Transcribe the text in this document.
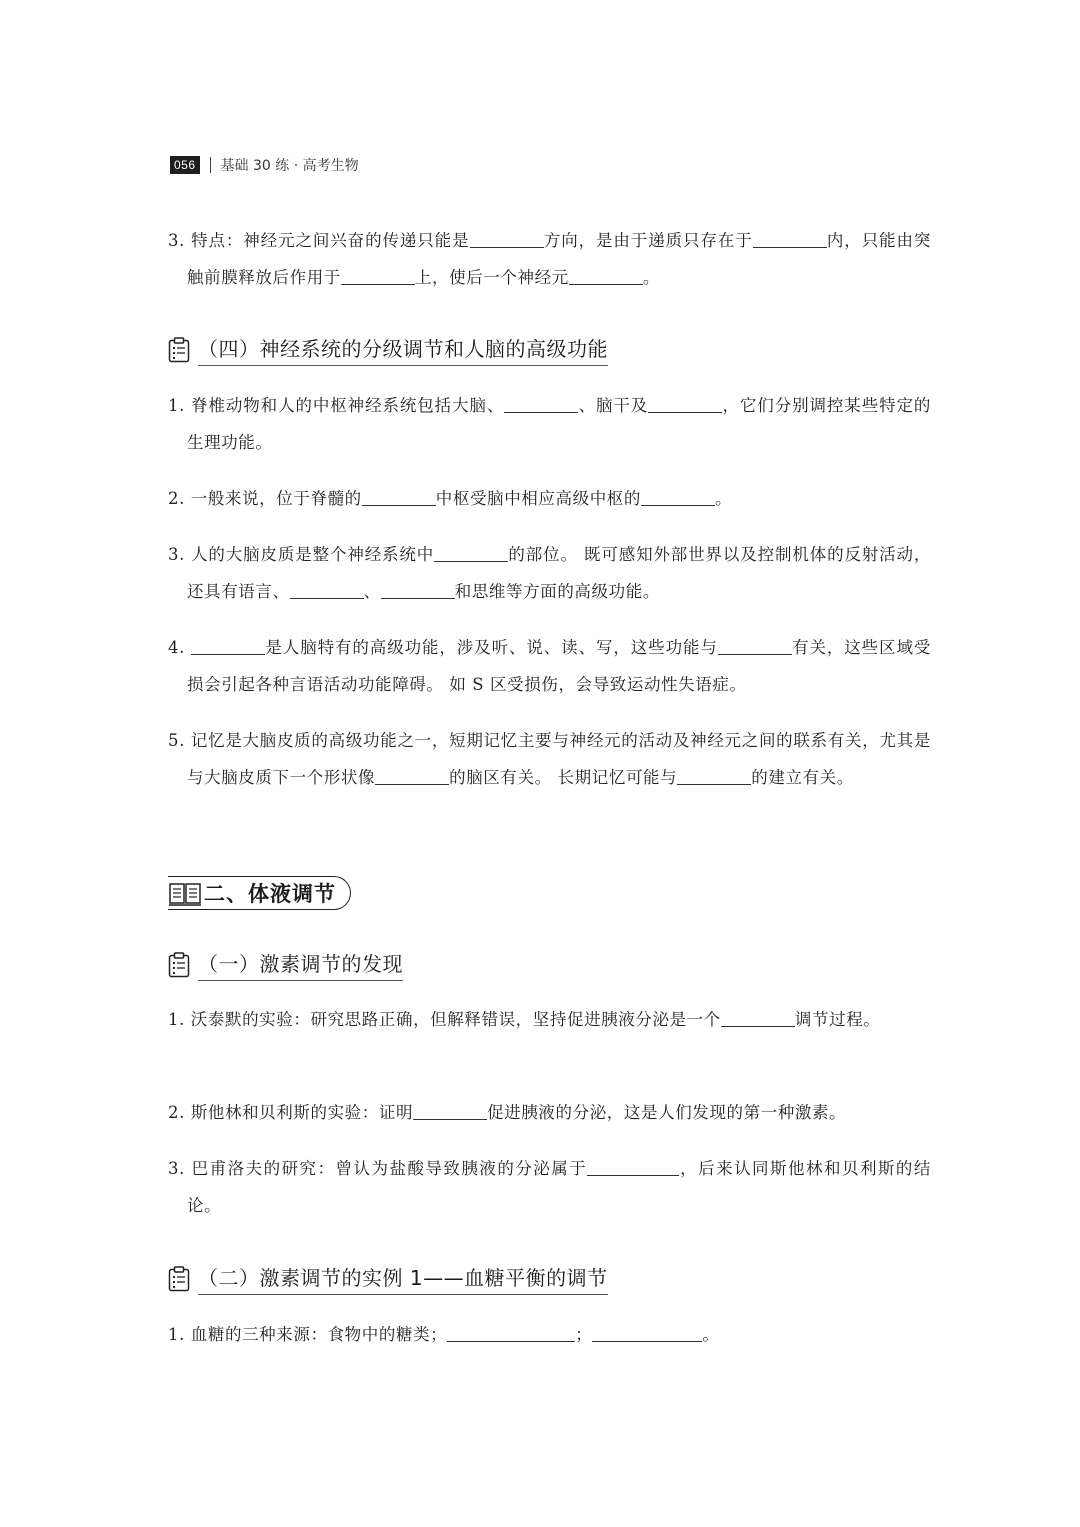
056 基础 30 练 · 高考生物
3. 特点：神经元之间兴奋的传递只能是	方向，是由于递质只存在于	内，只能由突触前膜释放后作用于	上，使后一个神经元	。
（四）神经系统的分级调节和人脑的高级功能
1. 脊椎动物和人的中枢神经系统包括大脑、	、脑干及	，它们分别调控某些特定的生理功能。
2. 一般来说，位于脊髓的	中枢受脑中相应高级中枢的	。
3. 人的大脑皮质是整个神经系统中	的部位。 既可感知外部世界以及控制机体的反射活动，还具有语言、	、	和思维等方面的高级功能。
4.	是人脑特有的高级功能，涉及听、说、读、写，这些功能与	有关，这些区域受损会引起各种言语活动功能障碍。 如 S 区受损伤，会导致运动性失语症。
5. 记忆是大脑皮质的高级功能之一，短期记忆主要与神经元的活动及神经元之间的联系有关，尤其是与大脑皮质下一个形状像	的脑区有关。 长期记忆可能与	的建立有关。
二、体液调节
（一）激素调节的发现
1. 沃泰默的实验：研究思路正确，但解释错误，坚持促进胰液分泌是一个	调节过程。
2. 斯他林和贝利斯的实验：证明	促进胰液的分泌，这是人们发现的第一种激素。
3. 巴甫洛夫的研究：曾认为盐酸导致胰液的分泌属于	，后来认同斯他林和贝利斯的结论。
（二）激素调节的实例 1——血糖平衡的调节
1. 血糖的三种来源：食物中的糖类；	；	。
